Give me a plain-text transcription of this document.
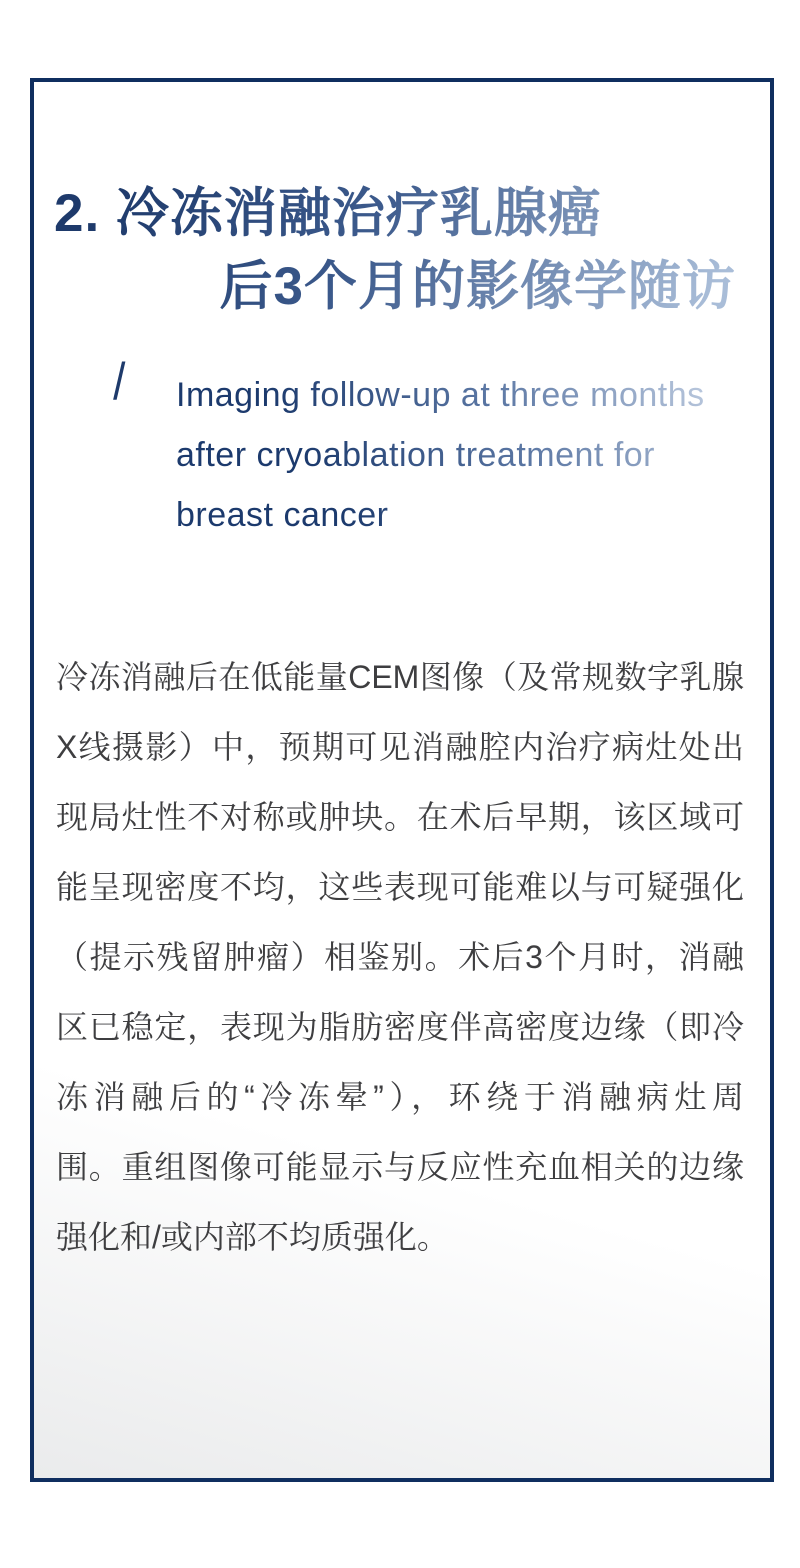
2. 冷冻消融治疗乳腺癌
后3个月的影像学随访
/ Imaging follow-up at three months
after cryoablation treatment for
breast cancer
冷冻消融后在低能量CEM图像（及常规数字乳腺
X线摄影）中，预期可见消融腔内治疗病灶处出
现局灶性不对称或肿块。在术后早期，该区域可
能呈现密度不均，这些表现可能难以与可疑强化
（提示残留肿瘤）相鉴别。术后3个月时，消融
区已稳定，表现为脂肪密度伴高密度边缘（即冷
冻消融后的“冷冻晕”），环绕于消融病灶周
围。重组图像可能显示与反应性充血相关的边缘
强化和/或内部不均质强化。
